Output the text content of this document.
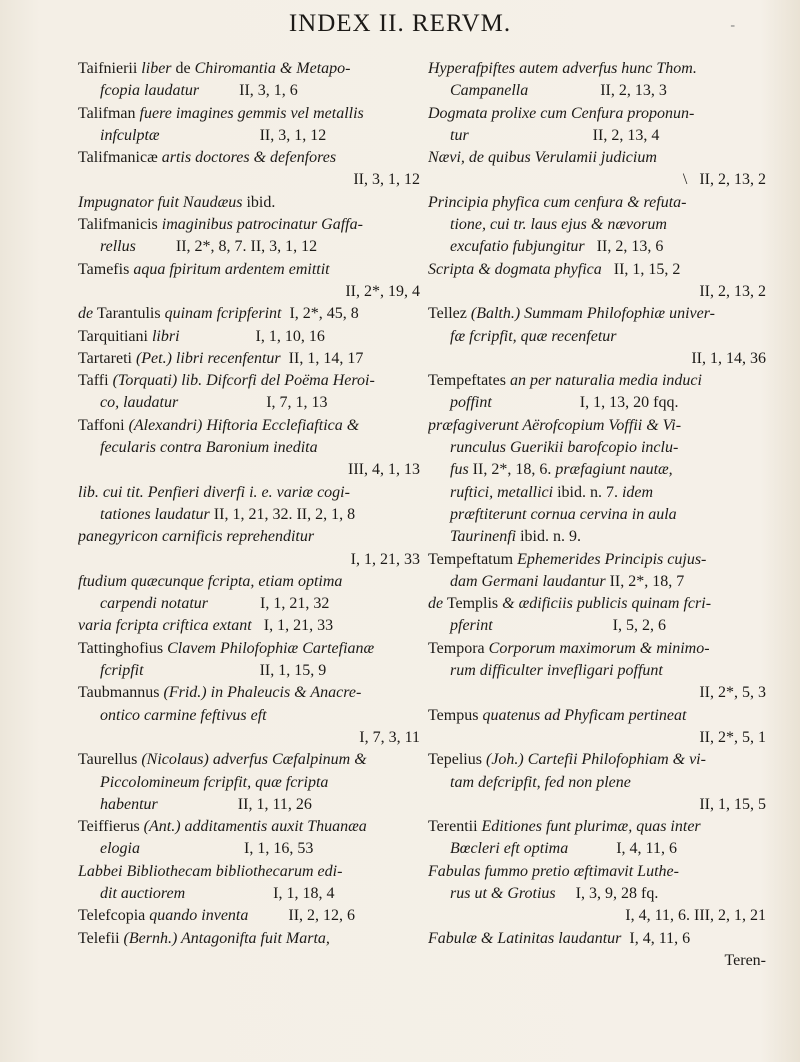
INDEX II. RERVM.	-
Taifnierii liber de Chiromantia & Metapo-
fcopia laudatur          II, 3, 1, 6
Talifman fuere imagines gemmis vel metallis
infculptæ                         II, 3, 1, 12
Talifmanicæ artis doctores & defenfores
II, 3, 1, 12
Impugnator fuit Naudæus ibid.
Talifmanicis imaginibus patrocinatur Gaffa-
rellus          II, 2*, 8, 7. II, 3, 1, 12
Tamefis aqua fpiritum ardentem emittit
II, 2*, 19, 4
de Tarantulis quinam fcripferint  I, 2*, 45, 8
Tarquitiani libri                   I, 1, 10, 16
Tartareti (Pet.) libri recenfentur  II, 1, 14, 17
Taffi (Torquati) lib. Difcorfi del Poëma Heroi-
co, laudatur                      I, 7, 1, 13
Taffoni (Alexandri) Hiftoria Ecclefiaftica &
fecularis contra Baronium inedita
III, 4, 1, 13
lib. cui tit. Penfieri diverfi i. e. variæ cogi-
tationes laudatur II, 1, 21, 32. II, 2, 1, 8
panegyricon carnificis reprehenditur
I, 1, 21, 33
ftudium quæcunque fcripta, etiam optima
carpendi notatur             I, 1, 21, 32
varia fcripta criftica extant   I, 1, 21, 33
Tattinghofius Clavem Philofophiæ Cartefianæ
fcripfit                             II, 1, 15, 9
Taubmannus (Frid.) in Phaleucis & Anacre-
ontico carmine feftivus eft
I, 7, 3, 11
Taurellus (Nicolaus) adverfus Cæfalpinum &
Piccolomineum fcripfit, quæ fcripta
habentur                    II, 1, 11, 26
Teiffierus (Ant.) additamentis auxit Thuanæa
elogia                          I, 1, 16, 53
Labbei Bibliothecam bibliothecarum edi-
dit auctiorem                      I, 1, 18, 4
Telefcopia quando inventa          II, 2, 12, 6
Telefii (Bernh.) Antagonifta fuit Marta,
Hyperafpiftes autem adverfus hunc Thom.
Campanella                  II, 2, 13, 3
Dogmata prolixe cum Cenfura proponun-
tur                               II, 2, 13, 4
Nævi, de quibus Verulamii judicium
\   II, 2, 13, 2
Principia phyfica cum cenfura & refuta-
tione, cui tr. laus ejus & nævorum
excufatio fubjungitur   II, 2, 13, 6
Scripta & dogmata phyfica   II, 1, 15, 2
II, 2, 13, 2
Tellez (Balth.) Summam Philofophiæ univer-
fæ fcripfit, quæ recenfetur
II, 1, 14, 36
Tempeftates an per naturalia media induci
poffint                      I, 1, 13, 20 fqq.
præfagiverunt Aërofcopium Voffii & Vi-
runculus Guerikii barofcopio inclu-
fus II, 2*, 18, 6. præfagiunt nautæ,
ruftici, metallici ibid. n. 7. idem
præftiterunt cornua cervina in aula
Taurinenfi ibid. n. 9.
Tempeftatum Ephemerides Principis cujus-
dam Germani laudantur II, 2*, 18, 7
de Templis & ædificiis publicis quinam fcri-
pferint                              I, 5, 2, 6
Tempora Corporum maximorum & minimo-
rum difficulter invefligari poffunt
II, 2*, 5, 3
Tempus quatenus ad Phyficam pertineat
II, 2*, 5, 1
Tepelius (Joh.) Cartefii Philofophiam & vi-
tam defcripfit, fed non plene
II, 1, 15, 5
Terentii Editiones funt plurimæ, quas inter
Bœcleri eft optima            I, 4, 11, 6
Fabulas fummo pretio æftimavit Luthe-
rus ut & Grotius     I, 3, 9, 28 fq.
I, 4, 11, 6. III, 2, 1, 21
Fabulæ & Latinitas laudantur  I, 4, 11, 6
Teren-
